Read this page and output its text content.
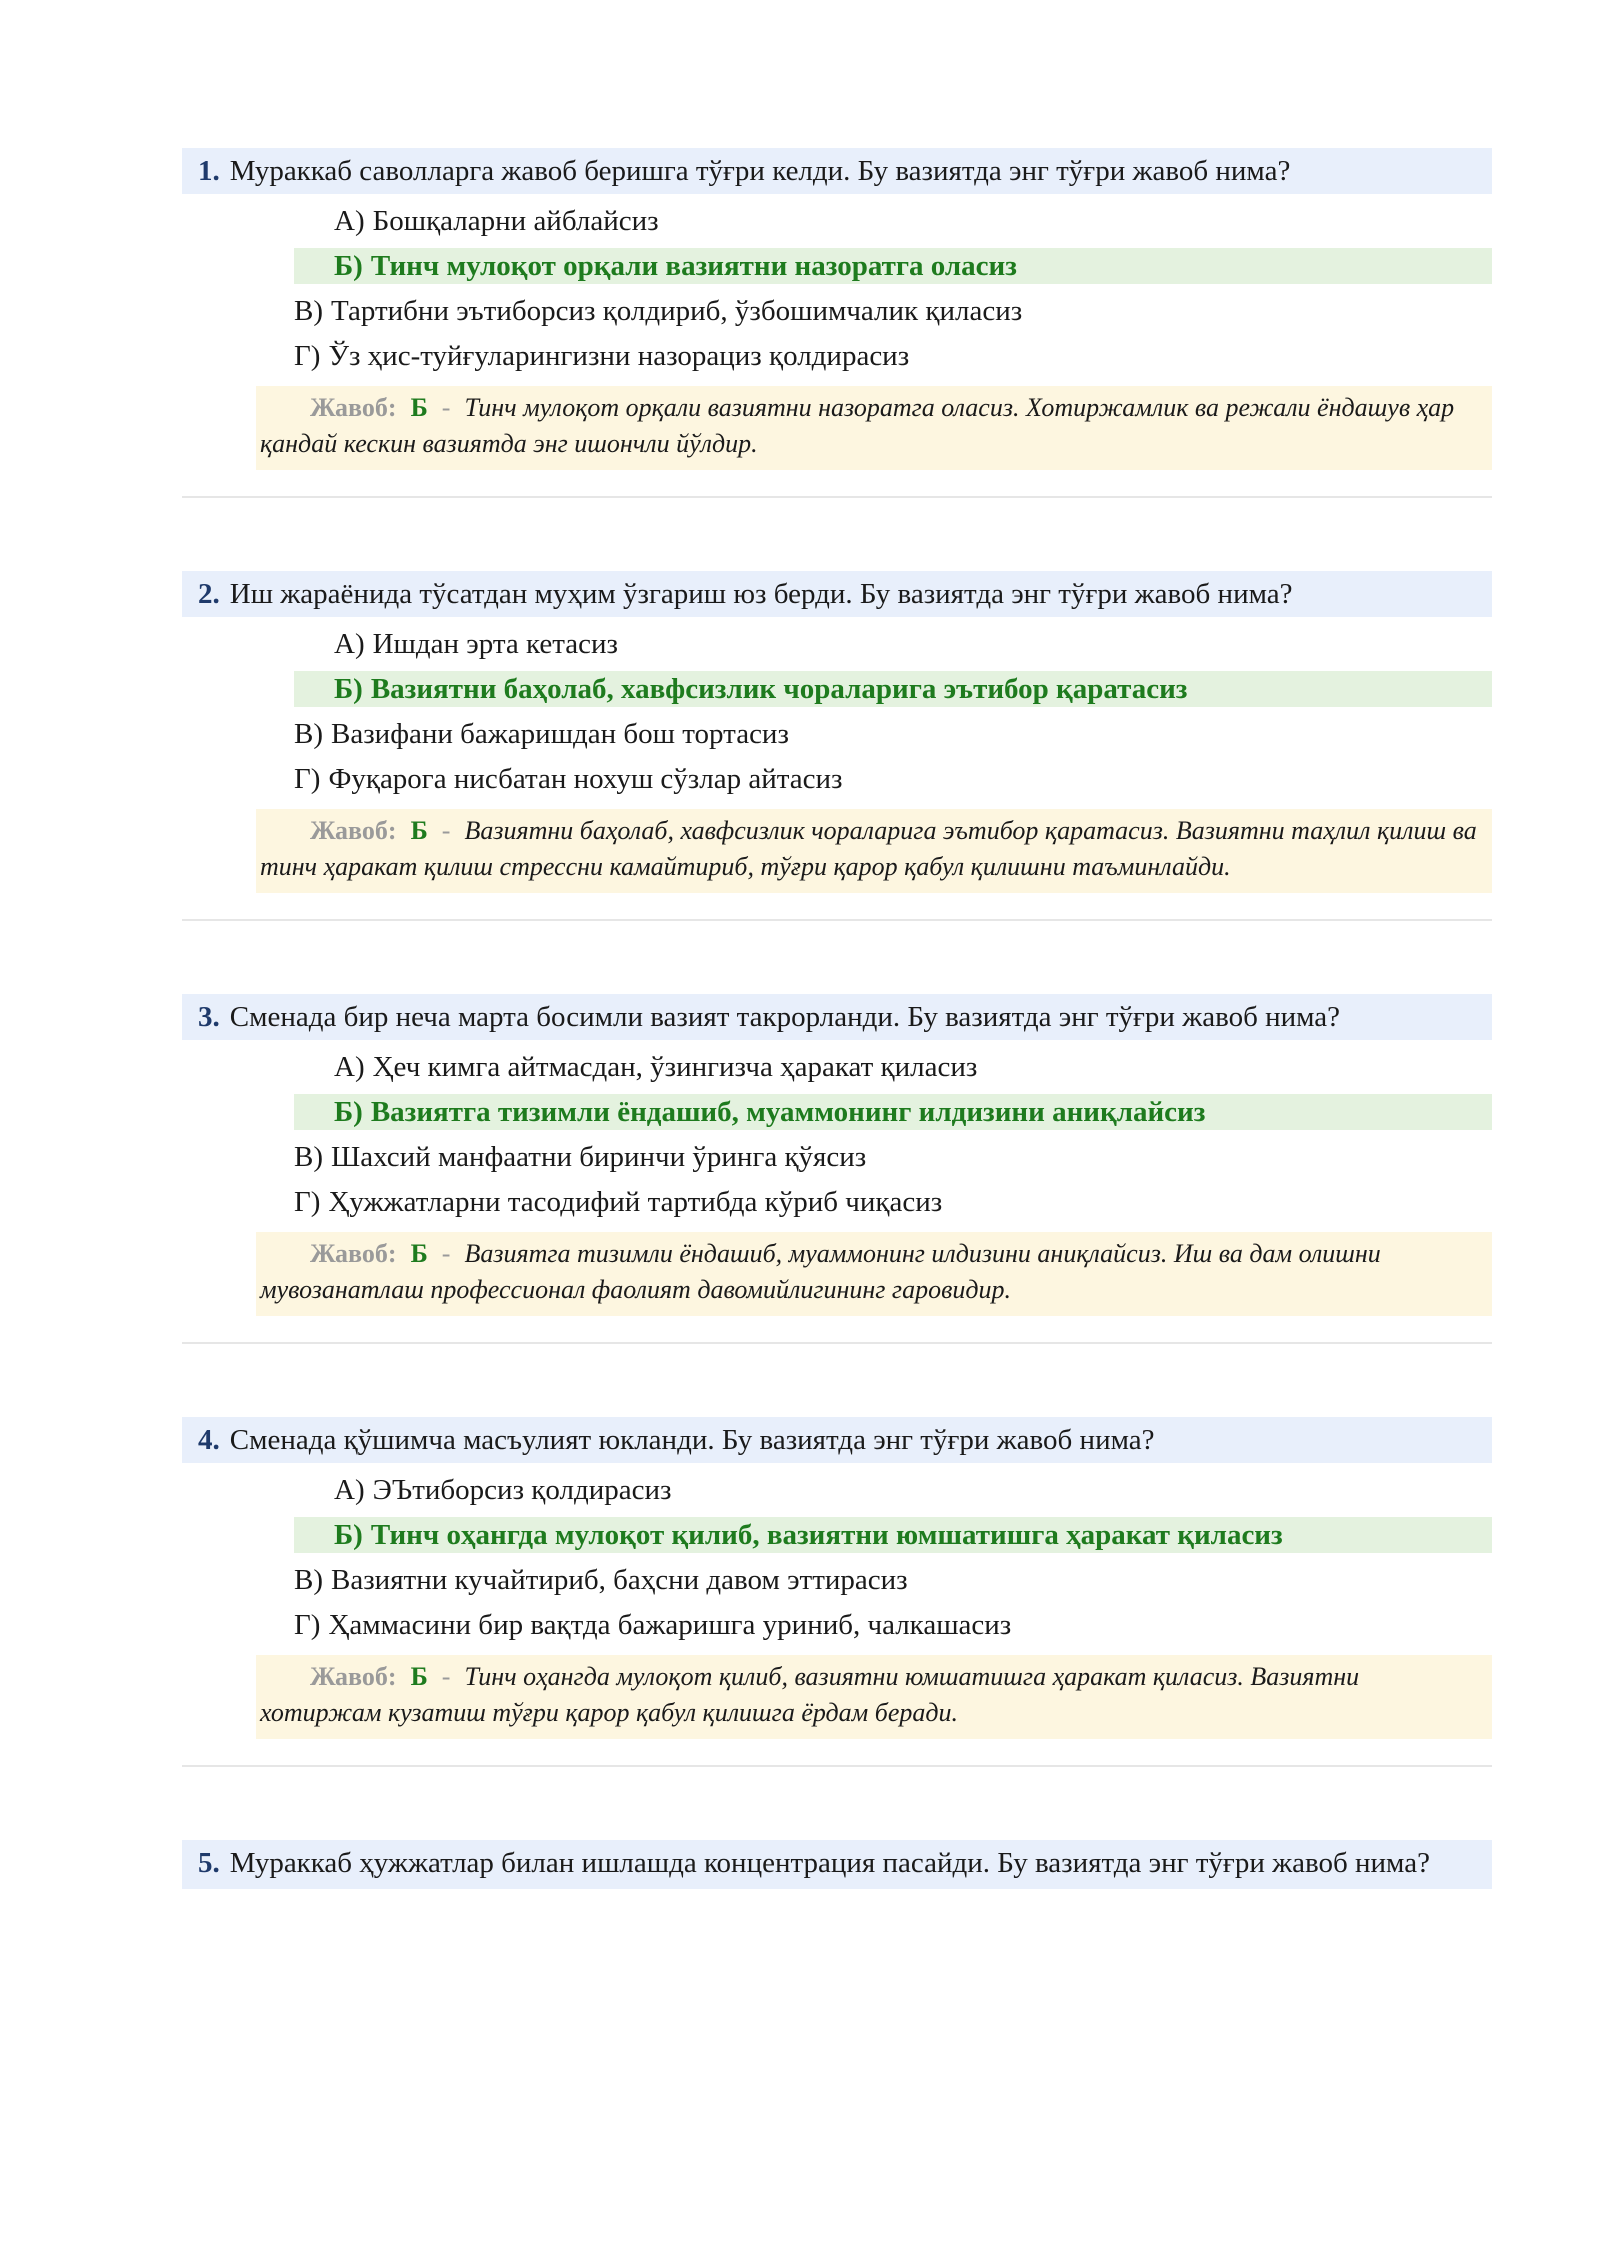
1. Мураккаб саволларга жавоб беришга тўғри келди. Бу вазиятда энг тўғри жавоб нима?
А) Бошқаларни айблайсиз
Б) Тинч мулоқот орқали вазиятни назоратга оласиз
В) Тартибни эътиборсиз қолдириб, ўзбошимчалик қиласиз
Г) Ўз ҳис-туйғуларингизни назорациз қолдирасиз
Жавоб: Б - Тинч мулоқот орқали вазиятни назоратга оласиз. Хотиржамлик ва режали ёндашув ҳар қандай кескин вазиятда энг ишончли йўлдир.
2. Иш жараёнида тўсатдан муҳим ўзгариш юз берди. Бу вазиятда энг тўғри жавоб нима?
А) Ишдан эрта кетасиз
Б) Вазиятни баҳолаб, хавфсизлик чораларига эътибор қаратасиз
В) Вазифани бажаришдан бош тортасиз
Г) Фуқарога нисбатан нохуш сўзлар айтасиз
Жавоб: Б - Вазиятни баҳолаб, хавфсизлик чораларига эътибор қаратасиз. Вазиятни таҳлил қилиш ва тинч ҳаракат қилиш стрессни камайтириб, тўғри қарор қабул қилишни таъминлайди.
3. Сменада бир неча марта босимли вазият такрорланди. Бу вазиятда энг тўғри жавоб нима?
А) Ҳеч кимга айтмасдан, ўзингизча ҳаракат қиласиз
Б) Вазиятга тизимли ёндашиб, муаммонинг илдизини аниқлайсиз
В) Шахсий манфаатни биринчи ўринга қўясиз
Г) Ҳужжатларни тасодифий тартибда кўриб чиқасиз
Жавоб: Б - Вазиятга тизимли ёндашиб, муаммонинг илдизини аниқлайсиз. Иш ва дам олишни мувозанатлаш профессионал фаолият давомийлигининг гаровидир.
4. Сменада қўшимча масъулият юкланди. Бу вазиятда энг тўғри жавоб нима?
А) ЭЪтиборсиз қолдирасиз
Б) Тинч оҳангда мулоқот қилиб, вазиятни юмшатишга ҳаракат қиласиз
В) Вазиятни кучайтириб, баҳсни давом эттирасиз
Г) Ҳаммасини бир вақтда бажаришга уриниб, чалкашасиз
Жавоб: Б - Тинч оҳангда мулоқот қилиб, вазиятни юмшатишга ҳаракат қиласиз. Вазиятни хотиржам кузатиш тўғри қарор қабул қилишга ёрдам беради.
5. Мураккаб ҳужжатлар билан ишлашда концентрация пасайди. Бу вазиятда энг тўғри жавоб нима?
